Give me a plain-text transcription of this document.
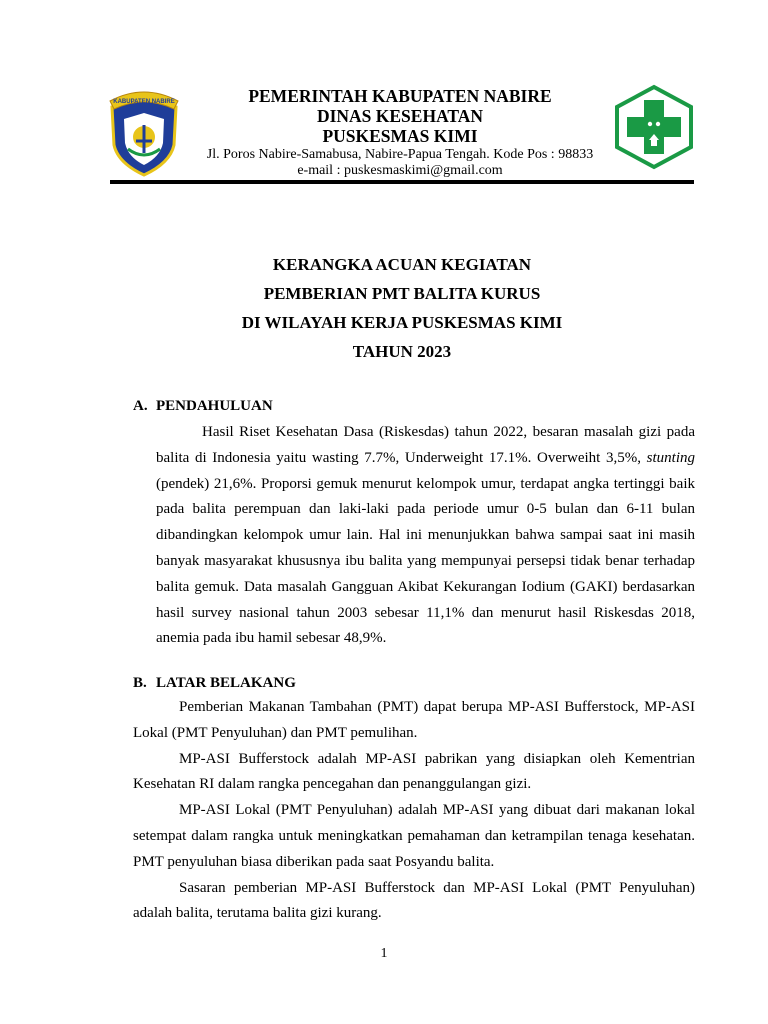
KABUPATEN NABIRE	PEMERINTAH KABUPATEN NABIRE
DINAS KESEHATAN
PUSKESMAS KIMI
Jl. Poros Nabire-Samabusa, Nabire-Papua Tengah. Kode Pos : 98833
e-mail : puskesmaskimi@gmail.com
KERANGKA ACUAN KEGIATAN
PEMBERIAN PMT BALITA KURUS
DI WILAYAH KERJA PUSKESMAS KIMI
TAHUN 2023
A. PENDAHULUAN

Hasil Riset Kesehatan Dasa (Riskesdas) tahun 2022, besaran masalah gizi pada balita di Indonesia yaitu wasting 7.7%, Underweight 17.1%. Overweiht 3,5%, stunting (pendek) 21,6%. Proporsi gemuk menurut kelompok umur, terdapat angka tertinggi baik pada balita perempuan dan laki-laki pada periode umur 0-5 bulan dan 6-11 bulan dibandingkan kelompok umur lain. Hal ini menunjukkan bahwa sampai saat ini masih banyak masyarakat khususnya ibu balita yang mempunyai persepsi tidak benar terhadap balita gemuk. Data masalah Gangguan Akibat Kekurangan Iodium (GAKI) berdasarkan hasil survey nasional tahun 2003 sebesar 11,1% dan menurut hasil Riskesdas 2018, anemia pada ibu hamil sebesar 48,9%.

B. LATAR BELAKANG

Pemberian Makanan Tambahan (PMT) dapat berupa MP-ASI Bufferstock, MP-ASI Lokal (PMT Penyuluhan) dan PMT pemulihan.

MP-ASI Bufferstock adalah MP-ASI pabrikan yang disiapkan oleh Kementrian Kesehatan RI dalam rangka pencegahan dan penanggulangan gizi.

MP-ASI Lokal (PMT Penyuluhan) adalah MP-ASI yang dibuat dari makanan lokal setempat dalam rangka untuk meningkatkan pemahaman dan ketrampilan tenaga kesehatan. PMT penyuluhan biasa diberikan pada saat Posyandu balita.

Sasaran pemberian MP-ASI Bufferstock dan MP-ASI Lokal (PMT Penyuluhan) adalah balita, terutama balita gizi kurang.

1
